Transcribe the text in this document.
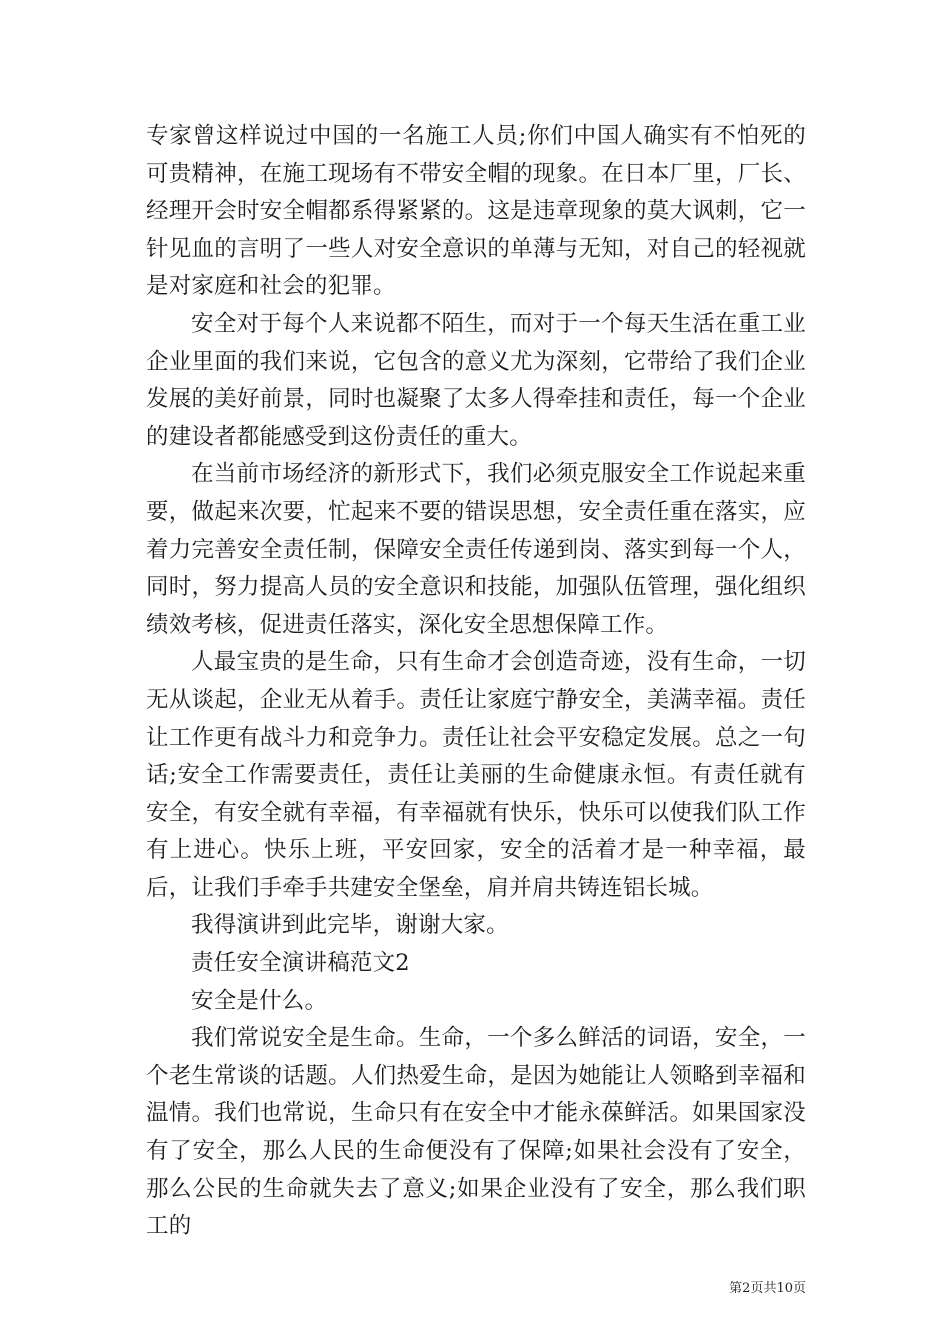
专家曾这样说过中国的一名施工人员;你们中国人确实有不怕死的可贵精神，在施工现场有不带安全帽的现象。在日本厂里，厂长、经理开会时安全帽都系得紧紧的。这是违章现象的莫大讽刺，它一针见血的言明了一些人对安全意识的单薄与无知，对自己的轻视就是对家庭和社会的犯罪。

安全对于每个人来说都不陌生，而对于一个每天生活在重工业企业里面的我们来说，它包含的意义尤为深刻，它带给了我们企业发展的美好前景，同时也凝聚了太多人得牵挂和责任，每一个企业的建设者都能感受到这份责任的重大。

在当前市场经济的新形式下，我们必须克服安全工作说起来重要，做起来次要，忙起来不要的错误思想，安全责任重在落实，应着力完善安全责任制，保障安全责任传递到岗、落实到每一个人，同时，努力提高人员的安全意识和技能，加强队伍管理，强化组织绩效考核，促进责任落实，深化安全思想保障工作。

人最宝贵的是生命，只有生命才会创造奇迹，没有生命，一切无从谈起，企业无从着手。责任让家庭宁静安全，美满幸福。责任让工作更有战斗力和竞争力。责任让社会平安稳定发展。总之一句话;安全工作需要责任，责任让美丽的生命健康永恒。有责任就有安全，有安全就有幸福，有幸福就有快乐，快乐可以使我们队工作有上进心。快乐上班，平安回家，安全的活着才是一种幸福，最后，让我们手牵手共建安全堡垒，肩并肩共铸连铝长城。

我得演讲到此完毕，谢谢大家。

责任安全演讲稿范文2

安全是什么。

我们常说安全是生命。生命，一个多么鲜活的词语，安全，一个老生常谈的话题。人们热爱生命，是因为她能让人领略到幸福和温情。我们也常说，生命只有在安全中才能永葆鲜活。如果国家没有了安全，那么人民的生命便没有了保障;如果社会没有了安全，那么公民的生命就失去了意义;如果企业没有了安全，那么我们职工的

第2页共10页
